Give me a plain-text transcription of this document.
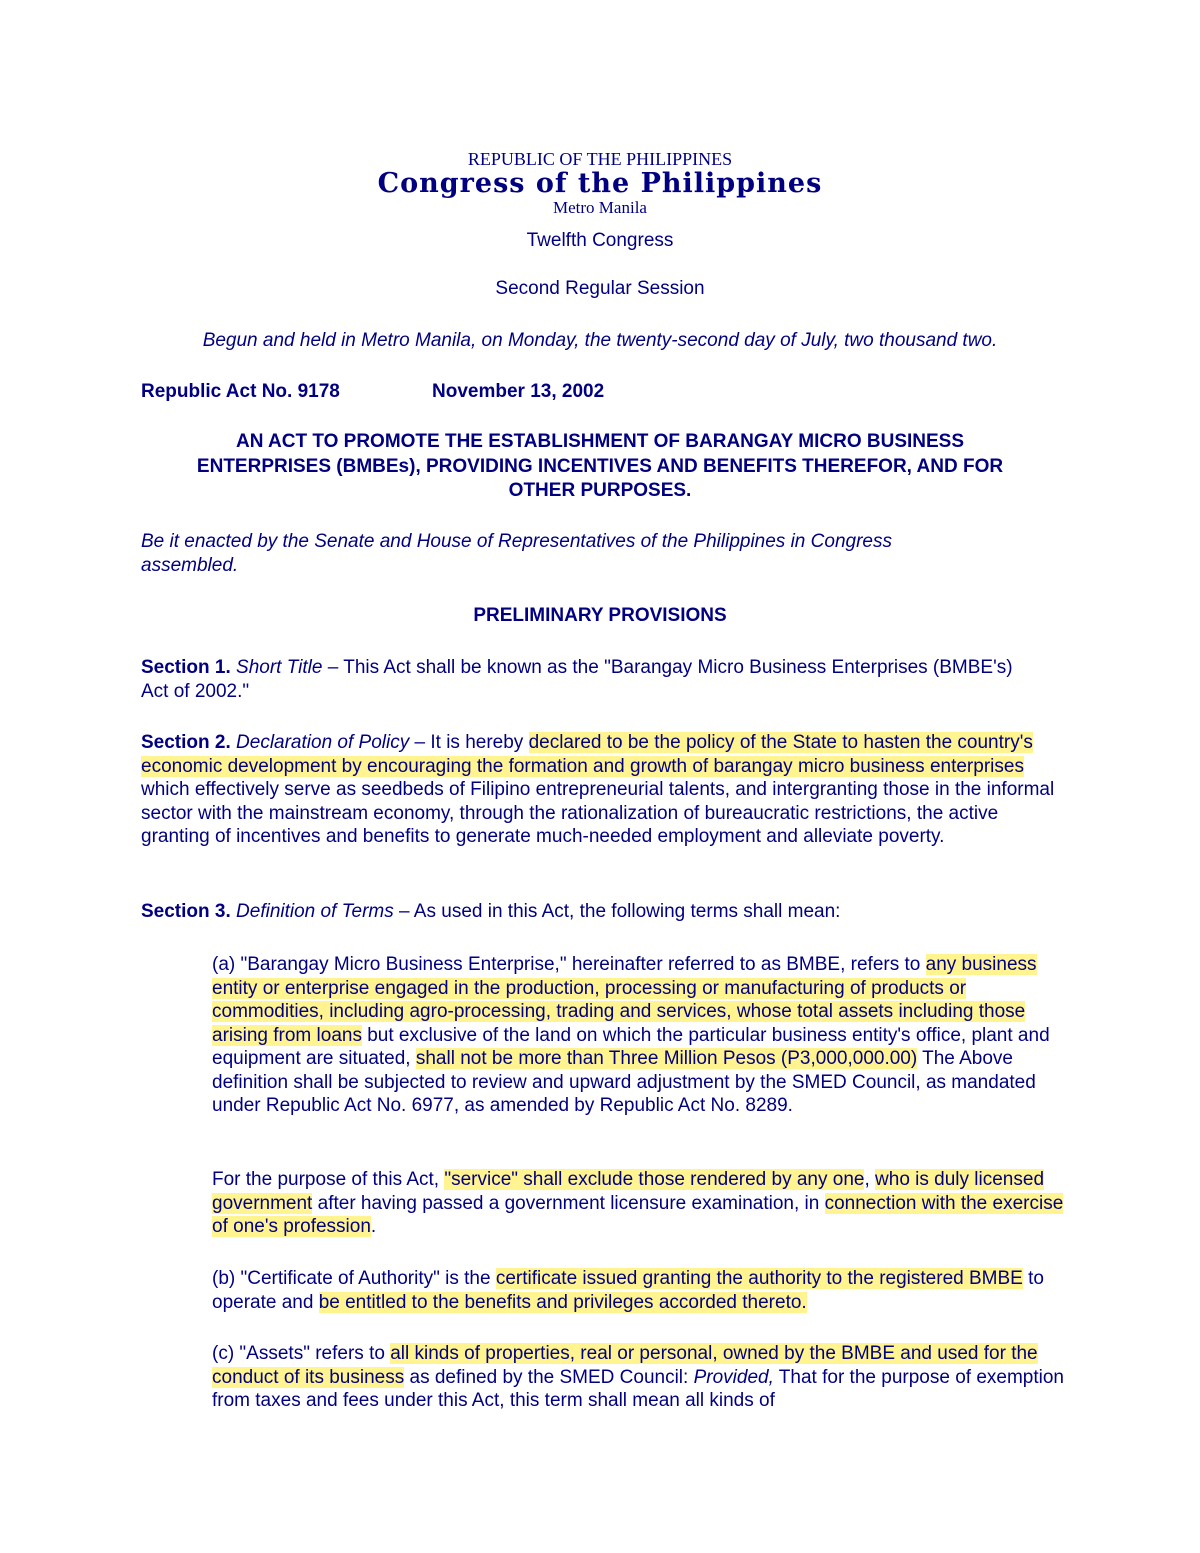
REPUBLIC OF THE PHILIPPINES
Congress of the Philippines
Metro Manila
Twelfth Congress
Second Regular Session
Begun and held in Metro Manila, on Monday, the twenty-second day of July, two thousand two.
Republic Act No. 9178	November 13, 2002
AN ACT TO PROMOTE THE ESTABLISHMENT OF BARANGAY MICRO BUSINESS
ENTERPRISES (BMBEs), PROVIDING INCENTIVES AND BENEFITS THEREFOR, AND FOR
OTHER PURPOSES.
Be it enacted by the Senate and House of Representatives of the Philippines in Congress
assembled.
PRELIMINARY PROVISIONS
Section 1. Short Title – This Act shall be known as the "Barangay Micro Business Enterprises (BMBE's) Act of 2002."
Section 2. Declaration of Policy – It is hereby declared to be the policy of the State to hasten the country's economic development by encouraging the formation and growth of barangay micro business enterprises which effectively serve as seedbeds of Filipino entrepreneurial talents, and intergranting those in the informal sector with the mainstream economy, through the rationalization of bureaucratic restrictions, the active granting of incentives and benefits to generate much-needed employment and alleviate poverty.
Section 3. Definition of Terms – As used in this Act, the following terms shall mean:
(a) "Barangay Micro Business Enterprise," hereinafter referred to as BMBE, refers to any business entity or enterprise engaged in the production, processing or manufacturing of products or commodities, including agro-processing, trading and services, whose total assets including those arising from loans but exclusive of the land on which the particular business entity's office, plant and equipment are situated, shall not be more than Three Million Pesos (P3,000,000.00) The Above definition shall be subjected to review and upward adjustment by the SMED Council, as mandated under Republic Act No. 6977, as amended by Republic Act No. 8289.
For the purpose of this Act, "service" shall exclude those rendered by any one, who is duly licensed government after having passed a government licensure examination, in connection with the exercise of one's profession.
(b) "Certificate of Authority" is the certificate issued granting the authority to the registered BMBE to operate and be entitled to the benefits and privileges accorded thereto.
(c) "Assets" refers to all kinds of properties, real or personal, owned by the BMBE and used for the conduct of its business as defined by the SMED Council: Provided, That for the purpose of exemption from taxes and fees under this Act, this term shall mean all kinds of
